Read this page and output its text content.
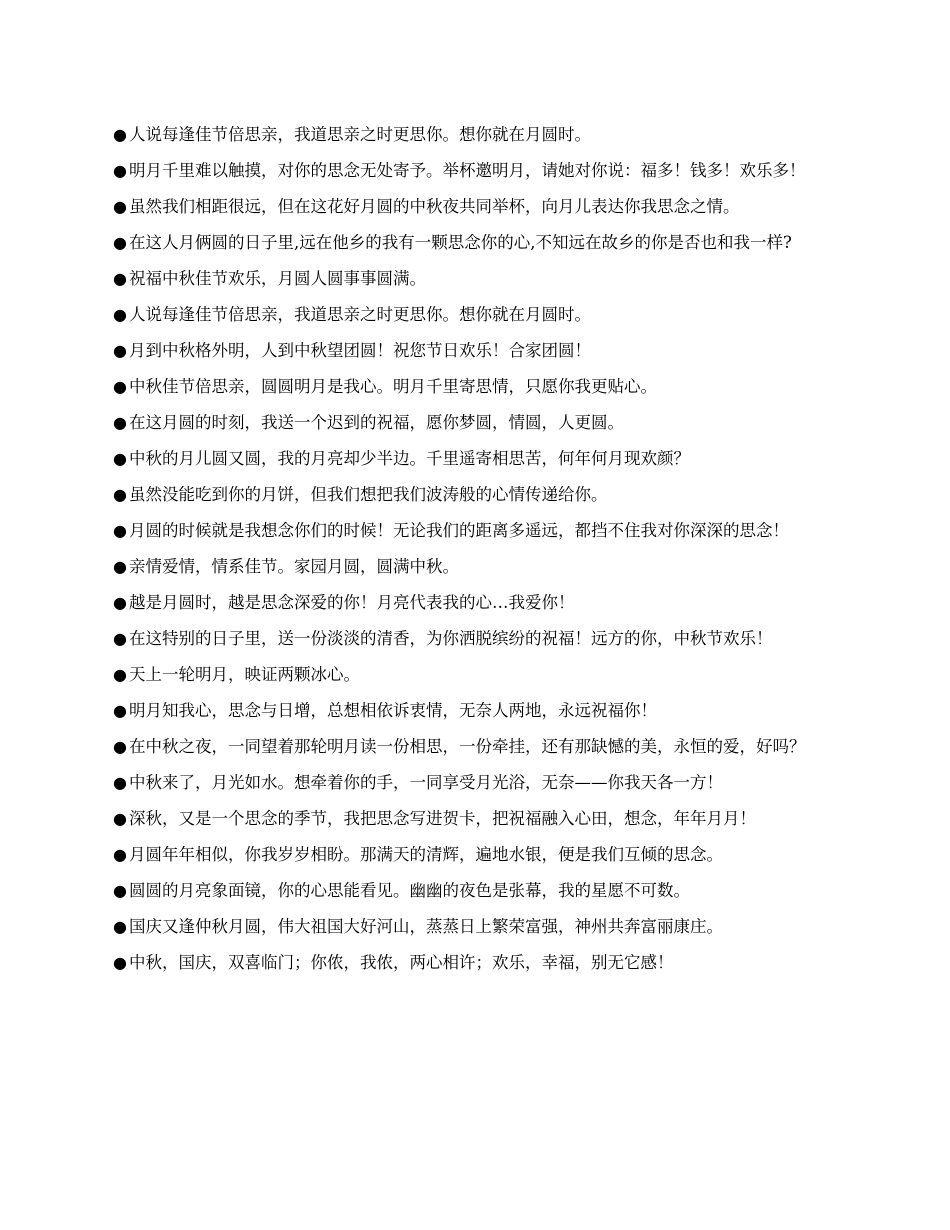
● 人说每逢佳节倍思亲，我道思亲之时更思你。想你就在月圆时。

● 明月千里难以触摸，对你的思念无处寄予。举杯邀明月，请她对你说：福多！钱多！欢乐多！

● 虽然我们相距很远，但在这花好月圆的中秋夜共同举杯，向月儿表达你我思念之情。

● 在这人月俩圆的日子里,远在他乡的我有一颗思念你的心,不知远在故乡的你是否也和我一样?

● 祝福中秋佳节欢乐，月圆人圆事事圆满。

● 人说每逢佳节倍思亲，我道思亲之时更思你。想你就在月圆时。

● 月到中秋格外明，人到中秋望团圆！祝您节日欢乐！合家团圆！

● 中秋佳节倍思亲，圆圆明月是我心。明月千里寄思情，只愿你我更贴心。

● 在这月圆的时刻，我送一个迟到的祝福，愿你梦圆，情圆，人更圆。

● 中秋的月儿圆又圆，我的月亮却少半边。千里遥寄相思苦，何年何月现欢颜？

● 虽然没能吃到你的月饼，但我们想把我们波涛般的心情传递给你。

● 月圆的时候就是我想念你们的时候！无论我们的距离多遥远，都挡不住我对你深深的思念！

● 亲情爱情，情系佳节。家园月圆，圆满中秋。

● 越是月圆时，越是思念深爱的你！月亮代表我的心…我爱你！

● 在这特别的日子里，送一份淡淡的清香，为你洒脱缤纷的祝福！远方的你，中秋节欢乐！

● 天上一轮明月，映证两颗冰心。

● 明月知我心，思念与日增，总想相依诉衷情，无奈人两地，永远祝福你！

● 在中秋之夜，一同望着那轮明月读一份相思，一份牵挂，还有那缺憾的美，永恒的爱，好吗？

● 中秋来了，月光如水。想牵着你的手，一同享受月光浴，无奈——你我天各一方！

● 深秋，又是一个思念的季节，我把思念写进贺卡，把祝福融入心田，想念，年年月月！

● 月圆年年相似，你我岁岁相盼。那满天的清辉，遍地水银，便是我们互倾的思念。

● 圆圆的月亮象面镜，你的心思能看见。幽幽的夜色是张幕，我的星愿不可数。

● 国庆又逢仲秋月圆，伟大祖国大好河山，蒸蒸日上繁荣富强，神州共奔富丽康庄。

● 中秋，国庆，双喜临门；你侬，我侬，两心相许；欢乐，幸福，别无它感！
